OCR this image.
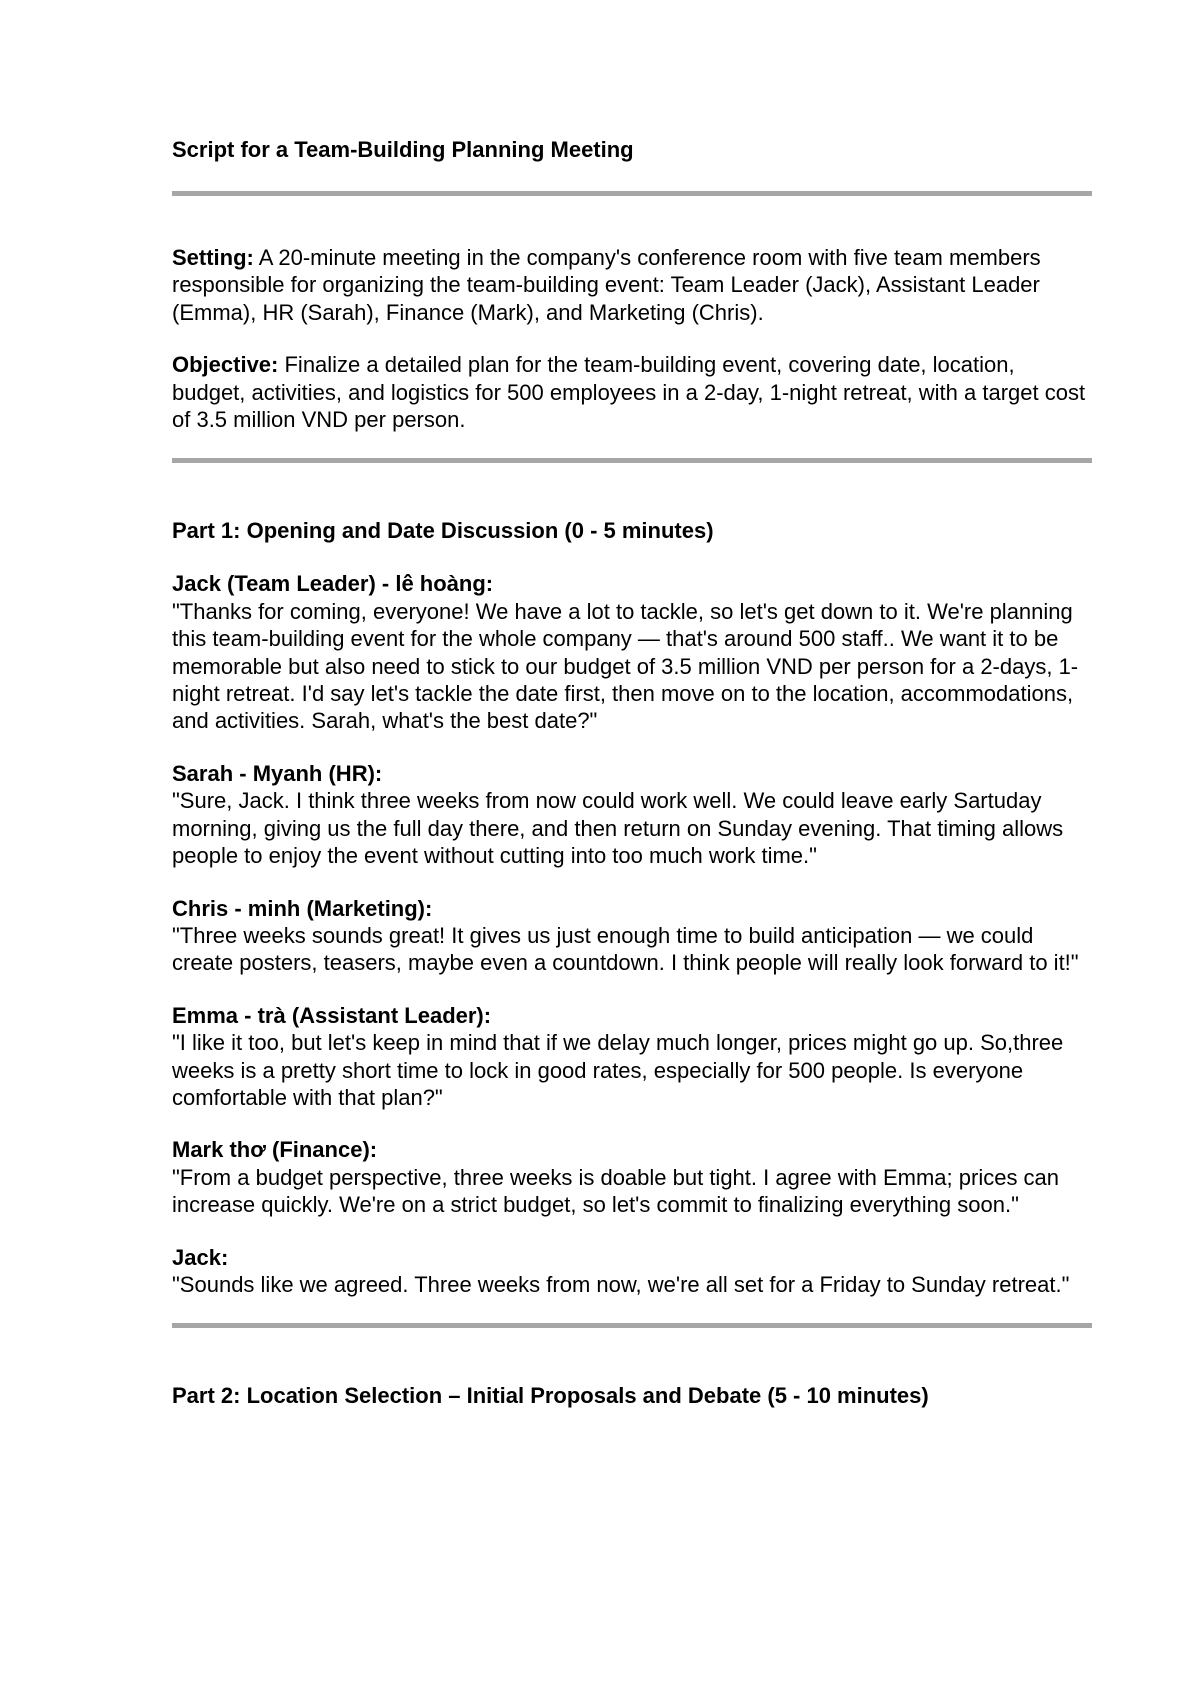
Script for a Team-Building Planning Meeting

Setting: A 20-minute meeting in the company's conference room with five team members responsible for organizing the team-building event: Team Leader (Jack), Assistant Leader (Emma), HR (Sarah), Finance (Mark), and Marketing (Chris).

Objective: Finalize a detailed plan for the team-building event, covering date, location, budget, activities, and logistics for 500 employees in a 2-day, 1-night retreat, with a target cost of 3.5 million VND per person.

Part 1: Opening and Date Discussion (0 - 5 minutes)
Jack (Team Leader) - lê hoàng:
"Thanks for coming, everyone! We have a lot to tackle, so let's get down to it. We're planning this team-building event for the whole company — that's around 500 staff.. We want it to be memorable but also need to stick to our budget of 3.5 million VND per person for a 2-days, 1-night retreat. I'd say let's tackle the date first, then move on to the location, accommodations, and activities. Sarah, what's the best date?"
Sarah - Myanh (HR):
"Sure, Jack. I think three weeks from now could work well. We could leave early Sartuday morning, giving us the full day there, and then return on Sunday evening. That timing allows people to enjoy the event without cutting into too much work time."
Chris - minh (Marketing):
"Three weeks sounds great! It gives us just enough time to build anticipation — we could create posters, teasers, maybe even a countdown. I think people will really look forward to it!"
Emma - trà (Assistant Leader):
"I like it too, but let's keep in mind that if we delay much longer, prices might go up. So,three weeks is a pretty short time to lock in good rates, especially for 500 people. Is everyone comfortable with that plan?"
Mark thơ (Finance):
"From a budget perspective, three weeks is doable but tight. I agree with Emma; prices can increase quickly. We're on a strict budget, so let's commit to finalizing everything soon."
Jack:
"Sounds like we agreed. Three weeks from now, we're all set for a Friday to Sunday retreat."
Part 2: Location Selection – Initial Proposals and Debate (5 - 10 minutes)
